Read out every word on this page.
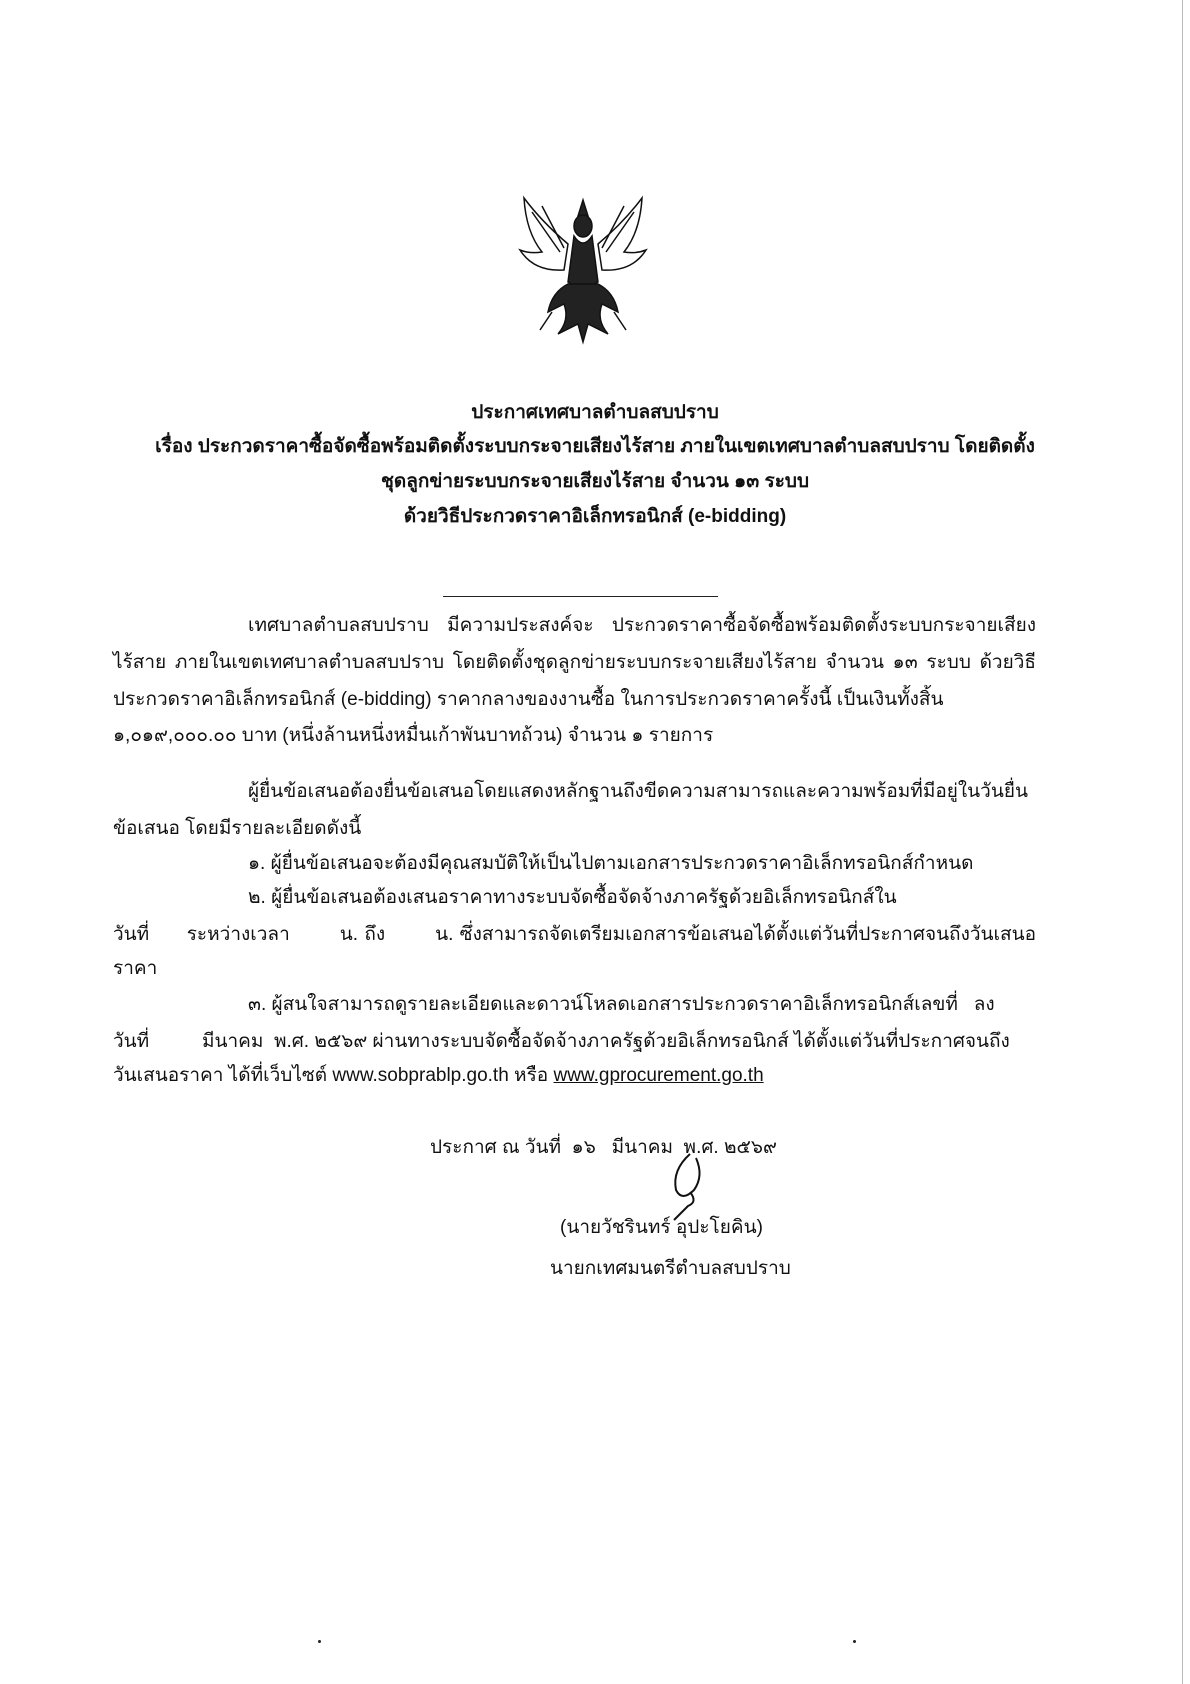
ประกาศเทศบาลตำบลสบปราบ
เรื่อง ประกวดราคาซื้อจัดซื้อพร้อมติดตั้งระบบกระจายเสียงไร้สาย ภายในเขตเทศบาลตำบลสบปราบ โดยติดตั้ง
ชุดลูกข่ายระบบกระจายเสียงไร้สาย จำนวน ๑๓ ระบบ
ด้วยวิธีประกวดราคาอิเล็กทรอนิกส์ (e-bidding)
เทศบาลตำบลสบปราบ มีความประสงค์จะ ประกวดราคาซื้อจัดซื้อพร้อมติดตั้งระบบกระจายเสียง
ไร้สาย ภายในเขตเทศบาลตำบลสบปราบ โดยติดตั้งชุดลูกข่ายระบบกระจายเสียงไร้สาย จำนวน ๑๓ ระบบ ด้วยวิธี
ประกวดราคาอิเล็กทรอนิกส์ (e-bidding) ราคากลางของงานซื้อ ในการประกวดราคาครั้งนี้ เป็นเงินทั้งสิ้น
๑,๐๑๙,๐๐๐.๐๐ บาท (หนึ่งล้านหนึ่งหมื่นเก้าพันบาทถ้วน) จำนวน ๑ รายการ
ผู้ยื่นข้อเสนอต้องยื่นข้อเสนอโดยแสดงหลักฐานถึงขีดความสามารถและความพร้อมที่มีอยู่ในวันยื่น
ข้อเสนอ โดยมีรายละเอียดดังนี้
๑. ผู้ยื่นข้อเสนอจะต้องมีคุณสมบัติให้เป็นไปตามเอกสารประกวดราคาอิเล็กทรอนิกส์กำหนด
๒. ผู้ยื่นข้อเสนอต้องเสนอราคาทางระบบจัดซื้อจัดจ้างภาครัฐด้วยอิเล็กทรอนิกส์ใน
วันที่      ระหว่างเวลา        น. ถึง        น. ซึ่งสามารถจัดเตรียมเอกสารข้อเสนอได้ตั้งแต่วันที่ประกาศจนถึงวันเสนอ
ราคา
๓. ผู้สนใจสามารถดูรายละเอียดและดาวน์โหลดเอกสารประกวดราคาอิเล็กทรอนิกส์เลขที่   ลง
วันที่          มีนาคม  พ.ศ. ๒๕๖๙ ผ่านทางระบบจัดซื้อจัดจ้างภาครัฐด้วยอิเล็กทรอนิกส์ ได้ตั้งแต่วันที่ประกาศจนถึง
วันเสนอราคา ได้ที่เว็บไซต์ www.sobprablp.go.th หรือ www.gprocurement.go.th
ประกาศ ณ วันที่  ๑๖   มีนาคม  พ.ศ. ๒๕๖๙
(นายวัชรินทร์ อุปะโยคิน)
นายกเทศมนตรีตำบลสบปราบ
